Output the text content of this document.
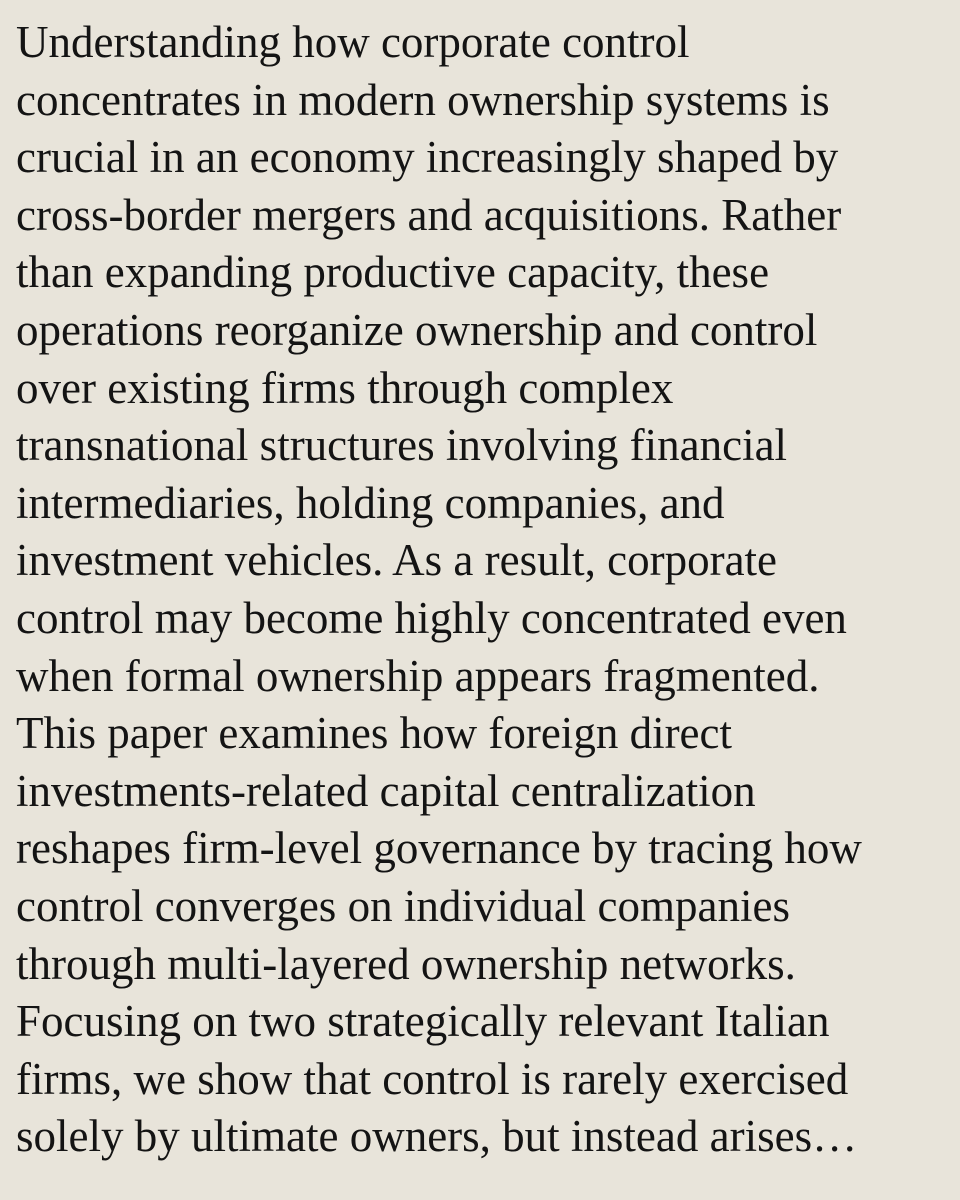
Understanding how corporate control
concentrates in modern ownership systems is
crucial in an economy increasingly shaped by
cross-border mergers and acquisitions. Rather
than expanding productive capacity, these
operations reorganize ownership and control
over existing firms through complex
transnational structures involving financial
intermediaries, holding companies, and
investment vehicles. As a result, corporate
control may become highly concentrated even
when formal ownership appears fragmented.
This paper examines how foreign direct
investments-related capital centralization
reshapes firm-level governance by tracing how
control converges on individual companies
through multi-layered ownership networks.
Focusing on two strategically relevant Italian
firms, we show that control is rarely exercised
solely by ultimate owners, but instead arises…
